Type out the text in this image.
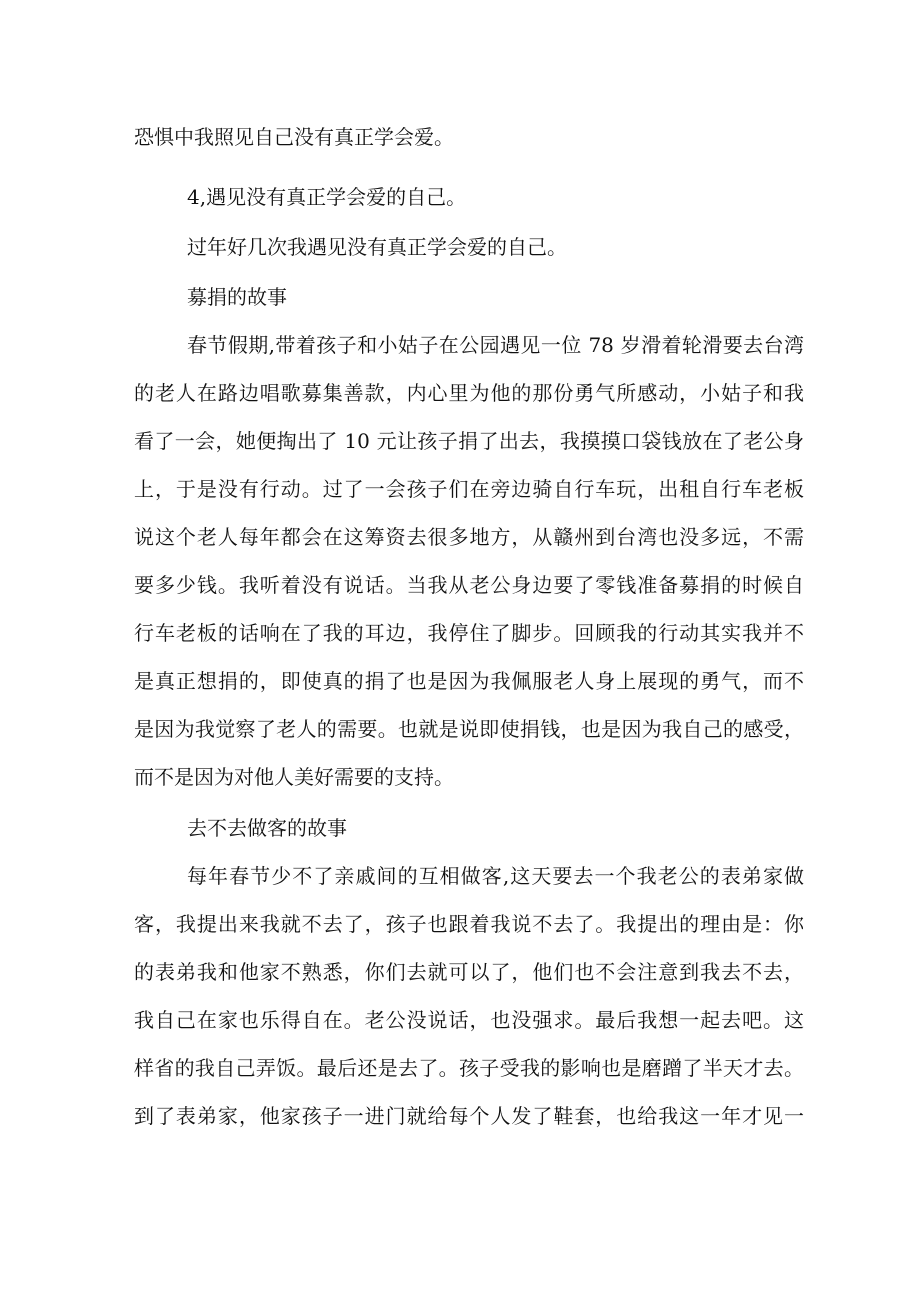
恐惧中我照见自己没有真正学会爱。
4,遇见没有真正学会爱的自己。
过年好几次我遇见没有真正学会爱的自己。
募捐的故事
春节假期,带着孩子和小姑子在公园遇见一位 78 岁滑着轮滑要去台湾
的老人在路边唱歌募集善款，内心里为他的那份勇气所感动，小姑子和我
看了一会，她便掏出了 10 元让孩子捐了出去，我摸摸口袋钱放在了老公身
上，于是没有行动。过了一会孩子们在旁边骑自行车玩，出租自行车老板
说这个老人每年都会在这筹资去很多地方，从赣州到台湾也没多远，不需
要多少钱。我听着没有说话。当我从老公身边要了零钱准备募捐的时候自
行车老板的话响在了我的耳边，我停住了脚步。回顾我的行动其实我并不
是真正想捐的，即使真的捐了也是因为我佩服老人身上展现的勇气，而不
是因为我觉察了老人的需要。也就是说即使捐钱，也是因为我自己的感受，
而不是因为对他人美好需要的支持。
去不去做客的故事
每年春节少不了亲戚间的互相做客,这天要去一个我老公的表弟家做
客，我提出来我就不去了，孩子也跟着我说不去了。我提出的理由是：你
的表弟我和他家不熟悉，你们去就可以了，他们也不会注意到我去不去，
我自己在家也乐得自在。老公没说话，也没强求。最后我想一起去吧。这
样省的我自己弄饭。最后还是去了。孩子受我的影响也是磨蹭了半天才去。
到了表弟家，他家孩子一进门就给每个人发了鞋套，也给我这一年才见一
